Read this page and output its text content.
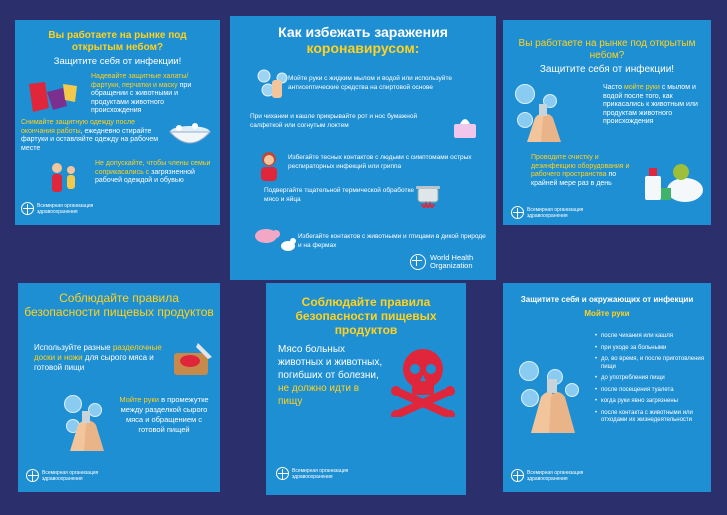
Вы работаете на рынке под открытым небом?
Защитите себя от инфекции!
Надевайте защитные халаты/фартуки, перчатки и маску при обращении с животными и продуктами животного происхождения
Снимайте защитную одежду после окончания работы, ежедневно стирайте фартуки и оставляйте одежду на рабочем месте
Не допускайте, чтобы члены семьи соприкасались с загрязненной рабочей одеждой и обувью
Всемирная организация здравоохранения
Как избежать заражения
коронавирусом:
Мойте руки с жидким мылом и водой или используйте антисептические средства на спиртовой основе
При чихании и кашле прикрывайте рот и нос бумажной салфеткой или согнутым локтем
Избегайте тесных контактов с людьми с симптомами острых респираторных инфекций или гриппа
Подвергайте тщательной термической обработке мясо и яйца
Избегайте контактов с животными и птицами в дикой природе и на фермах
World Health
Organization
Вы работаете на рынке под открытым небом?
Защитите себя от инфекции!
Часто мойте руки с мылом и водой после того, как прикасались к животным или продуктам животного происхождения
Проводите очистку и дезинфекцию оборудования и рабочего пространства по крайней мере раз в день
Всемирная организация здравоохранения
Соблюдайте правила безопасности пищевых продуктов
Используйте разные разделочные доски и ножи для сырого мяса и готовой пищи
Мойте руки в промежутке между разделкой сырого мяса и обращением с готовой пищей
Всемирная организация здравоохранения
Соблюдайте правила безопасности пищевых продуктов
Мясо больных животных и животных, погибших от болезни, не должно идти в пищу
Всемирная организация здравоохранения
Защитите себя и окружающих от инфекции
Мойте руки
• после чихания или кашля
• при уходе за больными
• до, во время, и после приготовления пищи
• до употребления пищи
• после посещения туалета
• когда руки явно загрязнены
• после контакта с животными или отходами их жизнедеятельности
Всемирная организация здравоохранения
